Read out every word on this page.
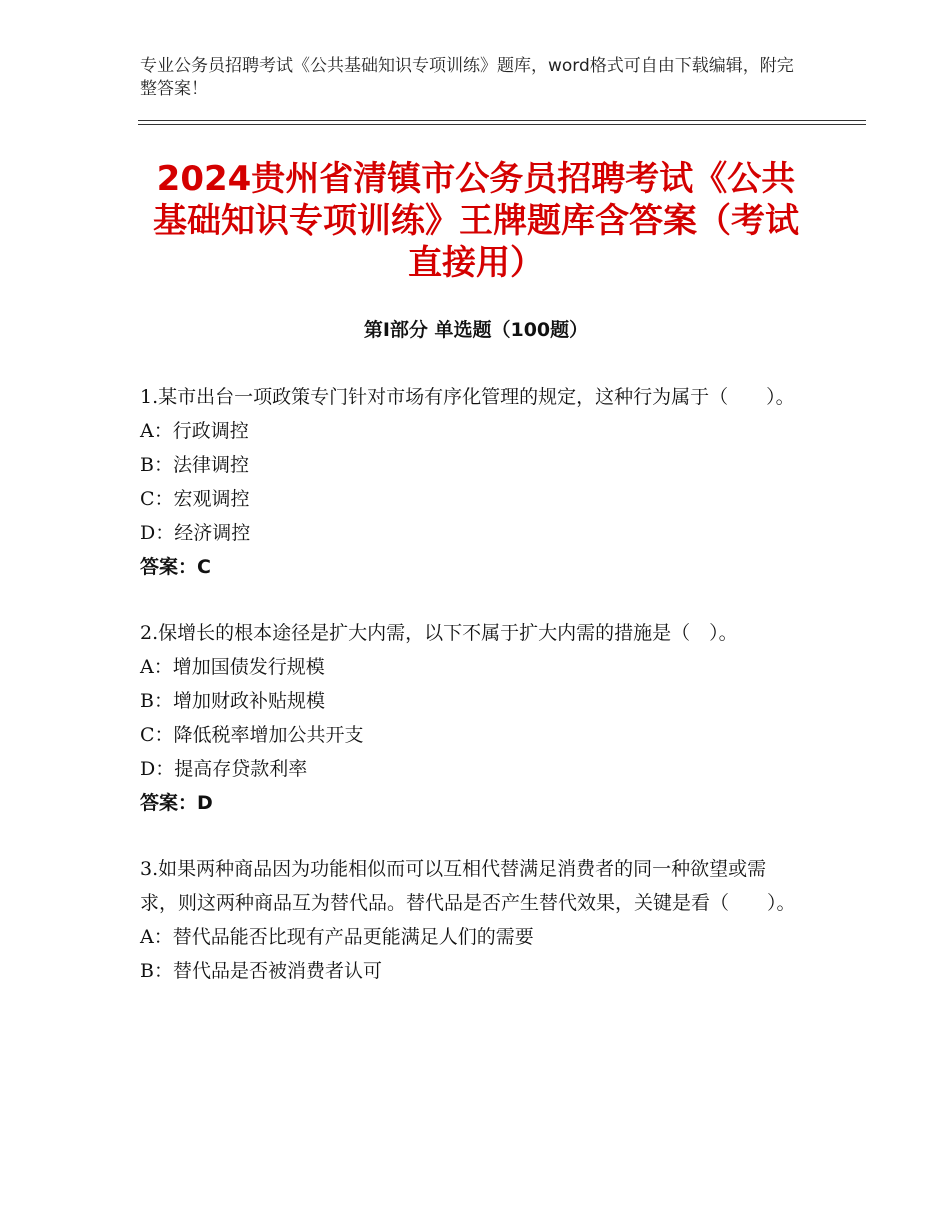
专业公务员招聘考试《公共基础知识专项训练》题库，word格式可自由下载编辑，附完整答案！
2024贵州省清镇市公务员招聘考试《公共基础知识专项训练》王牌题库含答案（考试直接用）
第Ⅰ部分 单选题（100题）
1.某市出台一项政策专门针对市场有序化管理的规定，这种行为属于（　　）。
A：行政调控
B：法律调控
C：宏观调控
D：经济调控
答案：C
2.保增长的根本途径是扩大内需，以下不属于扩大内需的措施是（　）。
A：增加国债发行规模
B：增加财政补贴规模
C：降低税率增加公共开支
D：提高存贷款利率
答案：D
3.如果两种商品因为功能相似而可以互相代替满足消费者的同一种欲望或需求，则这两种商品互为替代品。替代品是否产生替代效果，关键是看（　　）。
A：替代品能否比现有产品更能满足人们的需要
B：替代品是否被消费者认可
